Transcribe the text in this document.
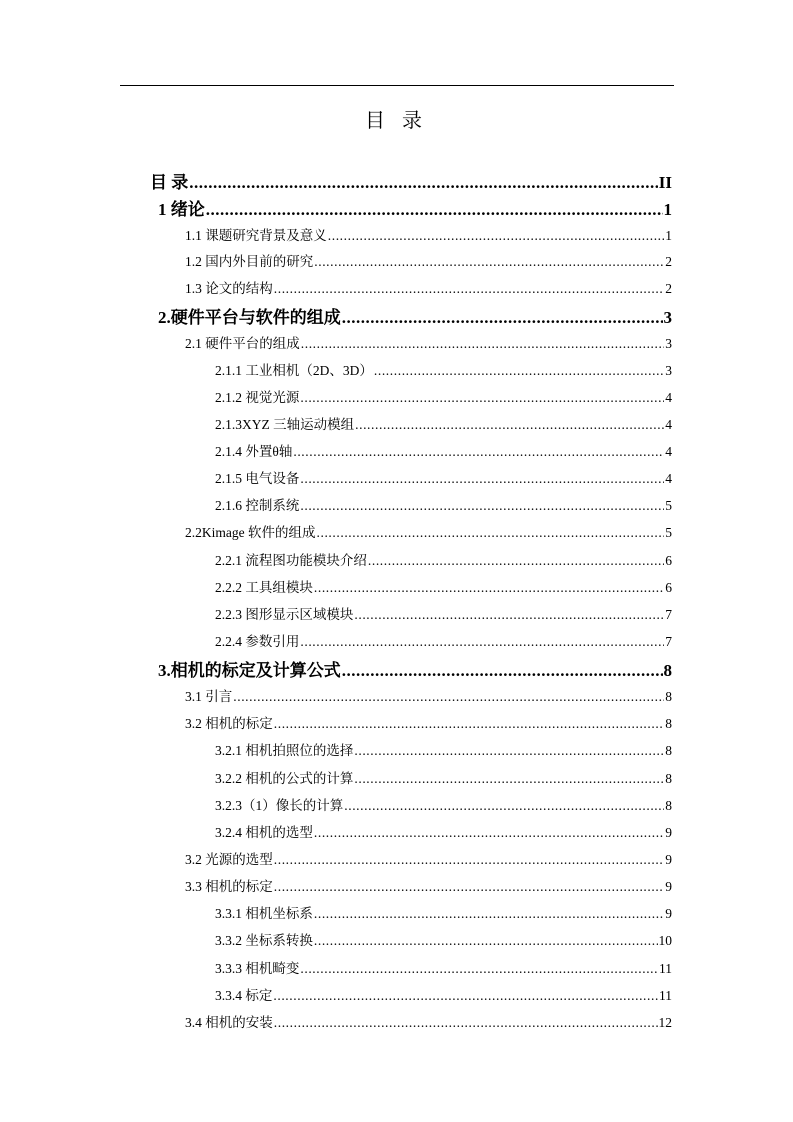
目 录
目 录 .....	II
1 绪论 .....	1
1.1 课题研究背景及意义 .....	1
1.2 国内外目前的研究 .....	2
1.3 论文的结构 .....	2
2.硬件平台与软件的组成 .....	3
2.1 硬件平台的组成 .....	3
2.1.1 工业相机（2D、3D） .....	3
2.1.2 视觉光源 .....	4
2.1.3XYZ 三轴运动模组 .....	4
2.1.4 外置θ轴 .....	4
2.1.5 电气设备 .....	4
2.1.6 控制系统 .....	5
2.2Kimage 软件的组成 .....	5
2.2.1 流程图功能模块介绍 .....	6
2.2.2 工具组模块 .....	6
2.2.3 图形显示区域模块 .....	7
2.2.4 参数引用 .....	7
3.相机的标定及计算公式 .....	8
3.1 引言 .....	8
3.2 相机的标定 .....	8
3.2.1 相机拍照位的选择 .....	8
3.2.2 相机的公式的计算 .....	8
3.2.3（1）像长的计算 .....	8
3.2.4 相机的选型 .....	9
3.2 光源的选型 .....	9
3.3 相机的标定 .....	9
3.3.1 相机坐标系 .....	9
3.3.2 坐标系转换 .....	10
3.3.3 相机畸变 .....	11
3.3.4 标定 .....	11
3.4 相机的安装 .....	12
